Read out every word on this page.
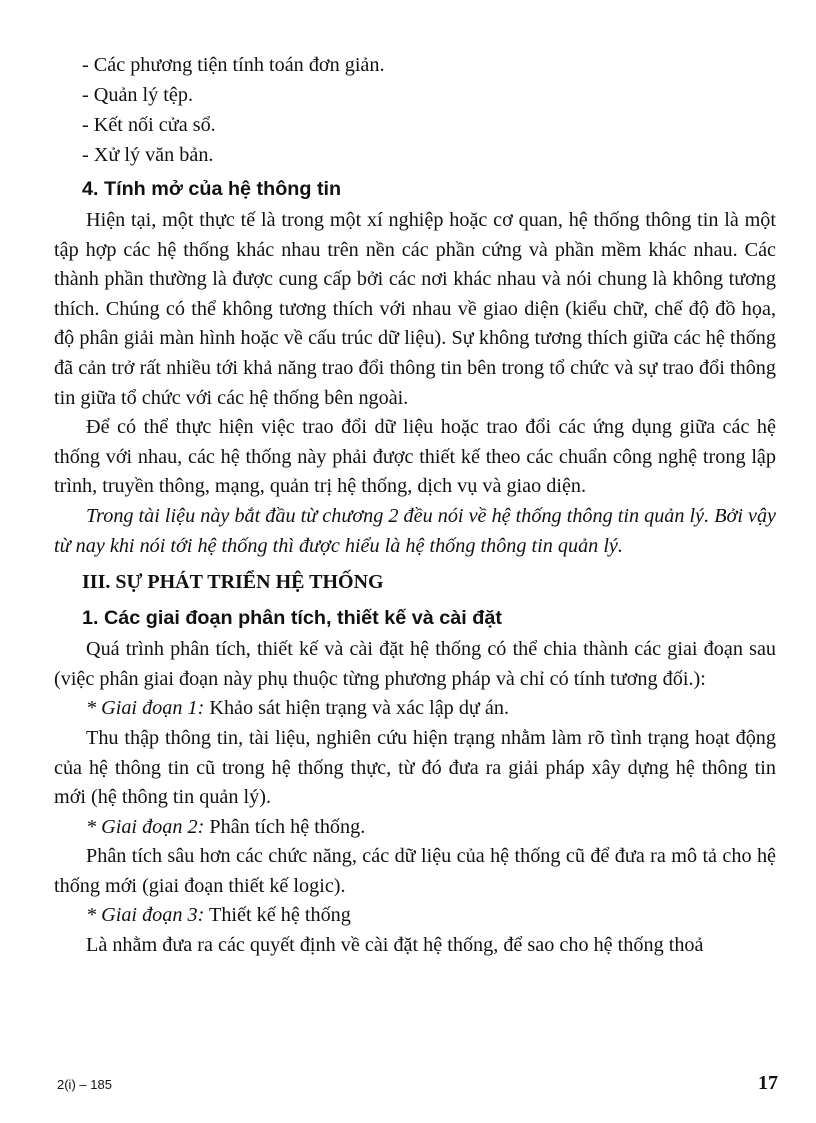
- Các phương tiện tính toán đơn giản.
- Quản lý tệp.
- Kết nối cửa sổ.
- Xử lý văn bản.
4. Tính mở của hệ thông tin
Hiện tại, một thực tế là trong một xí nghiệp hoặc cơ quan, hệ thống thông tin là một tập hợp các hệ thống khác nhau trên nền các phần cứng và phần mềm khác nhau. Các thành phần thường là được cung cấp bởi các nơi khác nhau và nói chung là không tương thích. Chúng có thể không tương thích với nhau về giao diện (kiểu chữ, chế độ đồ họa, độ phân giải màn hình hoặc về cấu trúc dữ liệu). Sự không tương thích giữa các hệ thống đã cản trở rất nhiều tới khả năng trao đổi thông tin bên trong tổ chức và sự trao đổi thông tin giữa tổ chức với các hệ thống bên ngoài.
Để có thể thực hiện việc trao đổi dữ liệu hoặc trao đổi các ứng dụng giữa các hệ thống với nhau, các hệ thống này phải được thiết kế theo các chuẩn công nghệ trong lập trình, truyền thông, mạng, quản trị hệ thống, dịch vụ và giao diện.
Trong tài liệu này bắt đầu từ chương 2 đều nói về hệ thống thông tin quản lý. Bởi vậy từ nay khi nói tới hệ thống thì được hiểu là hệ thống thông tin quản lý.
III. SỰ PHÁT TRIỂN HỆ THỐNG
1. Các giai đoạn phân tích, thiết kế và cài đặt
Quá trình phân tích, thiết kế và cài đặt hệ thống có thể chia thành các giai đoạn sau (việc phân giai đoạn này phụ thuộc từng phương pháp và chỉ có tính tương đối.):
* Giai đoạn 1: Khảo sát hiện trạng và xác lập dự án.
Thu thập thông tin, tài liệu, nghiên cứu hiện trạng nhằm làm rõ tình trạng hoạt động của hệ thông tin cũ trong hệ thống thực, từ đó đưa ra giải pháp xây dựng hệ thông tin mới (hệ thông tin quản lý).
* Giai đoạn 2: Phân tích hệ thống.
Phân tích sâu hơn các chức năng, các dữ liệu của hệ thống cũ để đưa ra mô tả cho hệ thống mới (giai đoạn thiết kế logic).
* Giai đoạn 3: Thiết kế hệ thống
Là nhằm đưa ra các quyết định về cài đặt hệ thống, để sao cho hệ thống thoả
2(i) – 185	17
